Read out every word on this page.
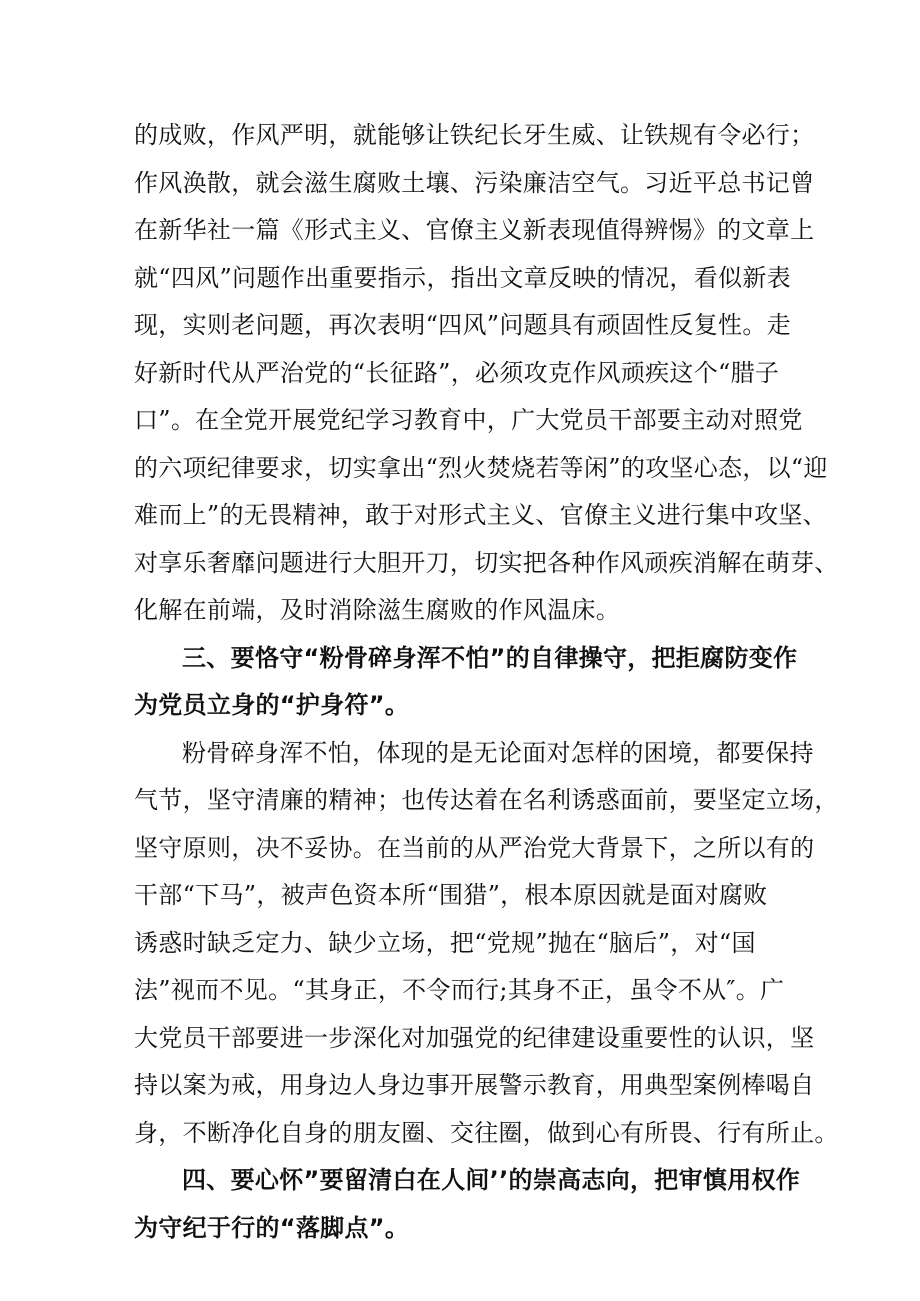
的成败，作风严明，就能够让铁纪长牙生威、让铁规有令必行；
作风涣散，就会滋生腐败土壤、污染廉洁空气。习近平总书记曾
在新华社一篇《形式主义、官僚主义新表现值得辨惕》的文章上
就“四风”问题作出重要指示，指出文章反映的情况，看似新表
现，实则老问题，再次表明“四风”问题具有顽固性反复性。走
好新时代从严治党的“长征路”，必须攻克作风顽疾这个“腊子
口”。在全党开展党纪学习教育中，广大党员干部要主动对照党
的六项纪律要求，切实拿出“烈火焚烧若等闲”的攻坚心态，以“迎
难而上”的无畏精神，敢于对形式主义、官僚主义进行集中攻坚、
对享乐奢靡问题进行大胆开刀，切实把各种作风顽疾消解在萌芽、
化解在前端，及时消除滋生腐败的作风温床。
三、要恪守“粉骨碎身浑不怕”的自律操守，把拒腐防变作
为党员立身的“护身符”。
粉骨碎身浑不怕，体现的是无论面对怎样的困境，都要保持
气节，坚守清廉的精神；也传达着在名利诱惑面前，要坚定立场，
坚守原则，决不妥协。在当前的从严治党大背景下，之所以有的
干部“下马”，被声色资本所“围猎”，根本原因就是面对腐败
诱惑时缺乏定力、缺少立场，把“党规”抛在“脑后”，对“国
法”视而不见。“其身正，不令而行;其身不正，虽令不从″。广
大党员干部要进一步深化对加强党的纪律建设重要性的认识，坚
持以案为戒，用身边人身边事开展警示教育，用典型案例棒喝自
身，不断净化自身的朋友圈、交往圈，做到心有所畏、行有所止。
四、要心怀”要留清白在人间’’的崇高志向，把审慎用权作
为守纪于行的“落脚点”。
